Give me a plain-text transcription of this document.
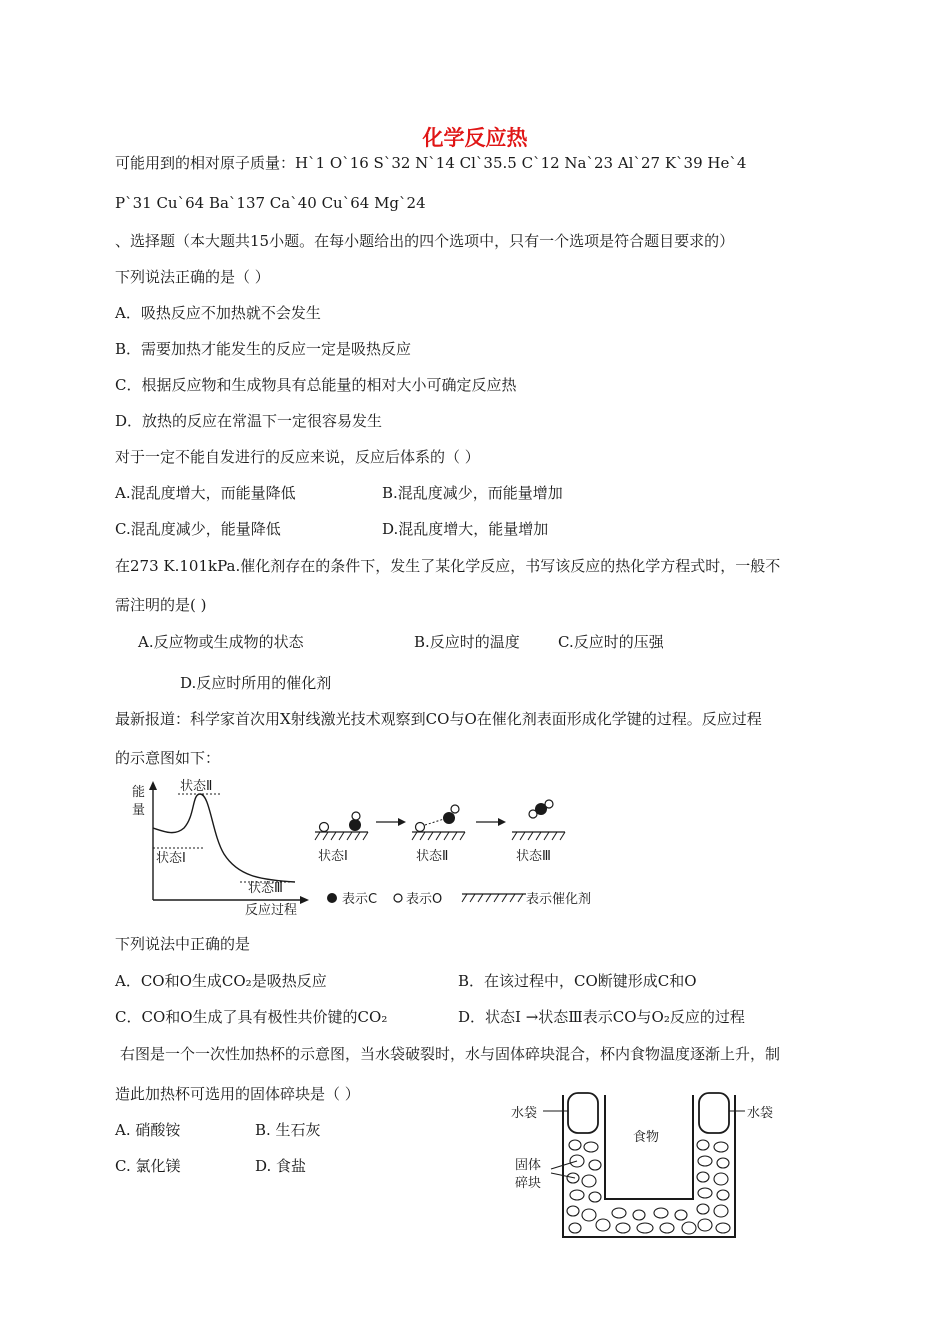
化学反应热
可能用到的相对原子质量：H`1 O`16 S`32 N`14 Cl`35.5 C`12 Na`23 Al`27 K`39 He`4
P`31 Cu`64 Ba`137 Ca`40 Cu`64 Mg`24
、选择题（本大题共15小题。在每小题给出的四个选项中，只有一个选项是符合题目要求的）
下列说法正确的是（ ）
A．吸热反应不加热就不会发生
B．需要加热才能发生的反应一定是吸热反应
C．根据反应物和生成物具有总能量的相对大小可确定反应热
D．放热的反应在常温下一定很容易发生
对于一定不能自发进行的反应来说，反应后体系的（ ）
A.混乱度增大，而能量降低	B.混乱度减少，而能量增加
C.混乱度减少，能量降低	D.混乱度增大，能量增加
在273 K.101kPa.催化剂存在的条件下，发生了某化学反应，书写该反应的热化学方程式时，一般不
需注明的是( )
A.反应物或生成物的状态	B.反应时的温度	C.反应时的压强
D.反应时所用的催化剂
最新报道：科学家首次用X射线激光技术观察到CO与O在催化剂表面形成化学键的过程。反应过程
的示意图如下：
能
量
状态Ⅱ
状态Ⅰ
状态Ⅲ
反应过程
状态Ⅰ	状态Ⅱ	状态Ⅲ
表示C 表示O	表示催化剂
下列说法中正确的是
A．CO和O生成CO₂是吸热反应	B．在该过程中，CO断键形成C和O
C．CO和O生成了具有极性共价键的CO₂	D．状态Ⅰ →状态Ⅲ表示CO与O₂反应的过程
右图是一个一次性加热杯的示意图，当水袋破裂时，水与固体碎块混合，杯内食物温度逐渐上升，制
造此加热杯可选用的固体碎块是（ ）
A. 硝酸铵	B. 生石灰
C. 氯化镁	D. 食盐
水袋	水袋
食物
固体
碎块
